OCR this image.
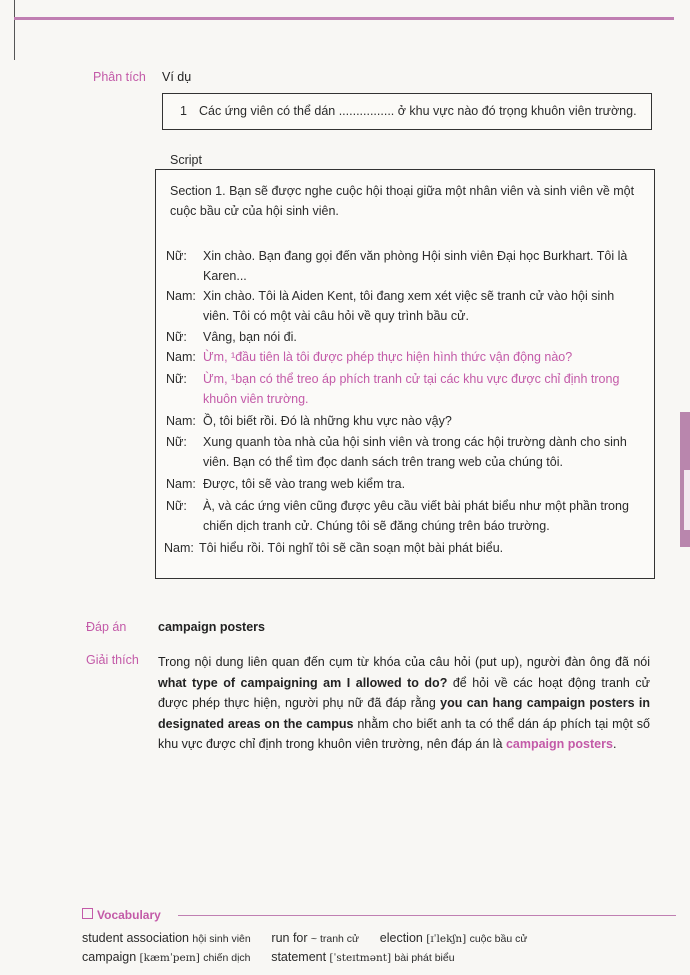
Phân tích Ví dụ
1 Các ứng viên có thể dán ................ ở khu vực nào đó trọng khuôn viên trường.
Script
Section 1. Bạn sẽ được nghe cuộc hội thoại giữa một nhân viên và sinh viên về một cuộc bầu cử của hội sinh viên.
Nữ: Xin chào. Bạn đang gọi đến văn phòng Hội sinh viên Đại học Burkhart. Tôi là Karen...
Nam: Xin chào. Tôi là Aiden Kent, tôi đang xem xét việc sẽ tranh cử vào hội sinh viên. Tôi có một vài câu hỏi về quy trình bầu cử.
Nữ: Vâng, bạn nói đi.
Nam: Ừm, ¹đầu tiên là tôi được phép thực hiện hình thức vận động nào?
Nữ: Ừm, ¹bạn có thể treo áp phích tranh cử tại các khu vực được chỉ định trong khuôn viên trường.
Nam: Ồ, tôi biết rồi. Đó là những khu vực nào vậy?
Nữ: Xung quanh tòa nhà của hội sinh viên và trong các hội trường dành cho sinh viên. Bạn có thể tìm đọc danh sách trên trang web của chúng tôi.
Nam: Được, tôi sẽ vào trang web kiểm tra.
Nữ: À, và các ứng viên cũng được yêu cầu viết bài phát biểu như một phần trong chiến dịch tranh cử. Chúng tôi sẽ đăng chúng trên báo trường.
Nam: Tôi hiểu rồi. Tôi nghĩ tôi sẽ cần soạn một bài phát biểu.
Đáp án	campaign posters
Giải thích Trong nội dung liên quan đến cụm từ khóa của câu hỏi (put up), người đàn ông đã nói what type of campaigning am I allowed to do? để hỏi về các hoạt động tranh cử được phép thực hiện, người phụ nữ đã đáp rằng you can hang campaign posters in designated areas on the campus nhằm cho biết anh ta có thể dán áp phích tại một số khu vực được chỉ định trong khuôn viên trường, nên đáp án là campaign posters.
Vocabulary
student association hội sinh viên run for ~ tranh cử election [ɪˈlekʃn] cuộc bầu cử
campaign [kæmˈpeɪn] chiến dịch statement [ˈsteɪtmənt] bài phát biểu
